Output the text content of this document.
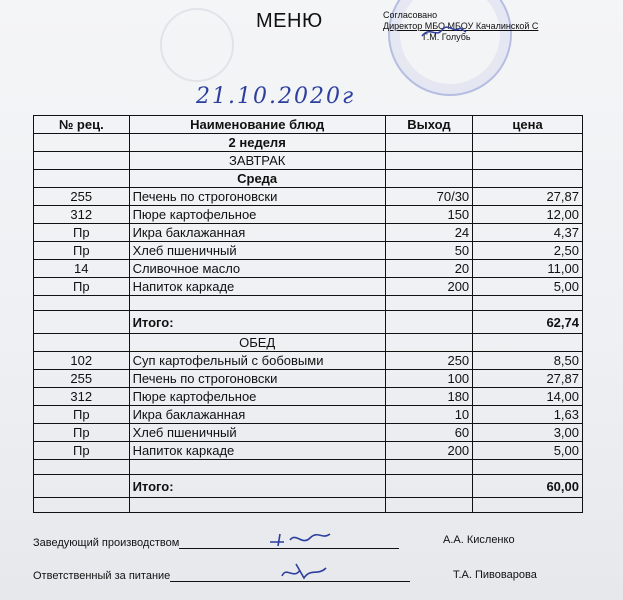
МЕНЮ	Согласовано
Директор МБО МБОУ Качалинской С
Г.М. Голубь
21.10.2020г
№ рец.	Наименование блюд	Выход	цена
	2 неделя		
	ЗАВТРАК		
	Среда		
255	Печень по строгоновски	70/30	27,87
312	Пюре картофельное	150	12,00
Пр	Икра баклажанная	24	4,37
Пр	Хлеб пшеничный	50	2,50
14	Сливочное масло	20	11,00
Пр	Напиток каркаде	200	5,00

	Итого:		62,74
	ОБЕД		
102	Суп картофельный с бобовыми	250	8,50
255	Печень по строгоновски	100	27,87
312	Пюре картофельное	180	14,00
Пр	Икра баклажанная	10	1,63
Пр	Хлеб пшеничный	60	3,00
Пр	Напиток каркаде	200	5,00

	Итого:		60,00

Заведующий производством	А.А. Кисленко
Ответственный за питание	Т.А. Пивоварова
